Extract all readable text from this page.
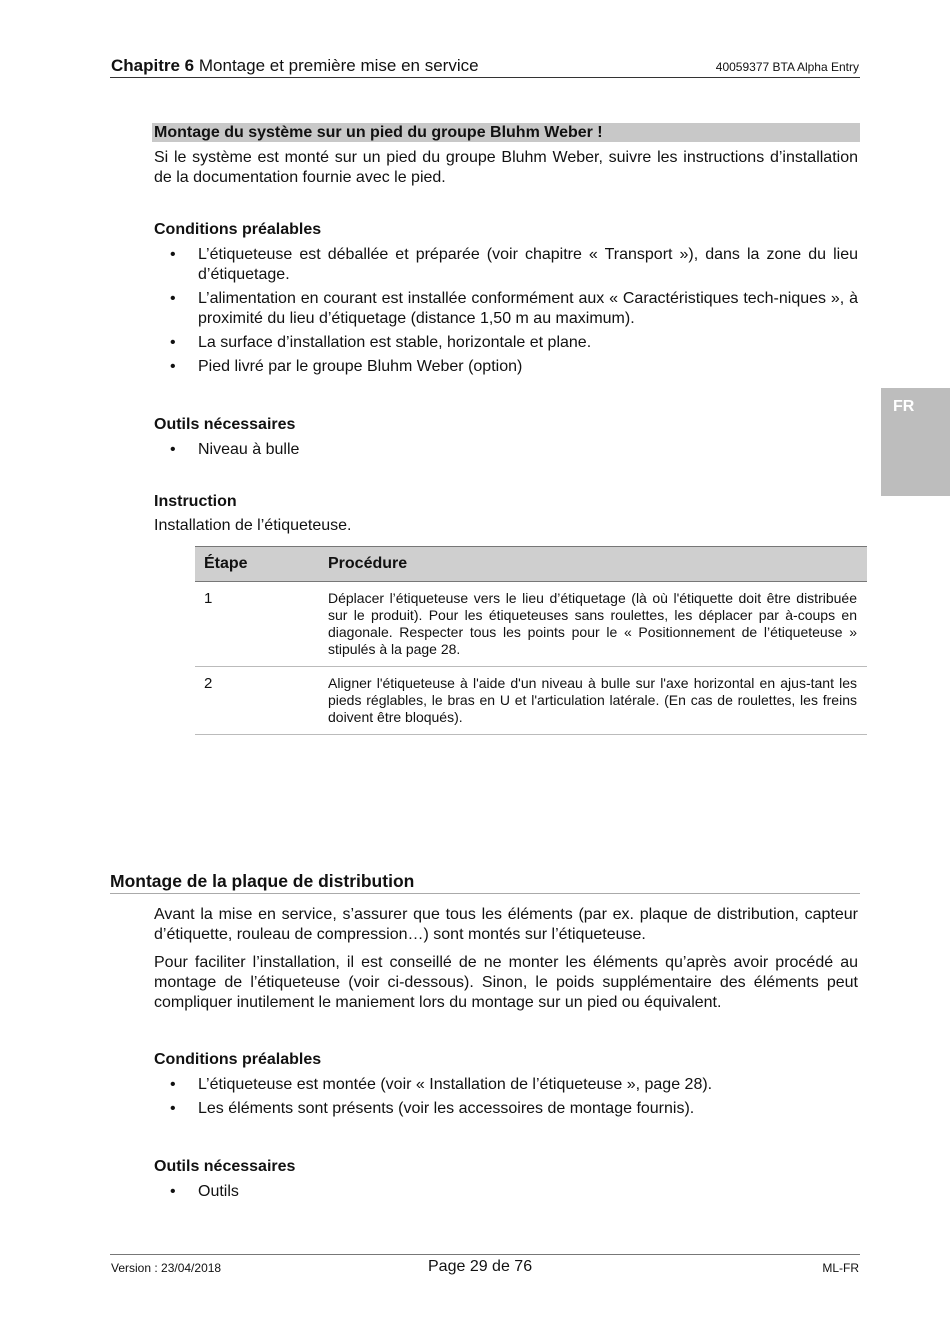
Chapitre 6 Montage et première mise en service	40059377 BTA Alpha Entry
FR
Montage du système sur un pied du groupe Bluhm Weber !
Si le système est monté sur un pied du groupe Bluhm Weber, suivre les instructions d’installation de la documentation fournie avec le pied.
Conditions préalables
• L’étiqueteuse est déballée et préparée (voir chapitre « Transport »), dans la zone du lieu d’étiquetage.
• L’alimentation en courant est installée conformément aux « Caractéristiques tech-niques », à proximité du lieu d’étiquetage (distance 1,50 m au maximum).
• La surface d’installation est stable, horizontale et plane.
• Pied livré par le groupe Bluhm Weber (option)
Outils nécessaires
• Niveau à bulle
Instruction
Installation de l’étiqueteuse.
Étape	Procédure
1	Déplacer l’étiqueteuse vers le lieu d’étiquetage (là où l'étiquette doit être distribuée sur le produit). Pour les étiqueteuses sans roulettes, les déplacer par à-coups en diagonale. Respecter tous les points pour le « Positionnement de l’étiqueteuse » stipulés à la page 28.
2	Aligner l'étiqueteuse à l'aide d'un niveau à bulle sur l'axe horizontal en ajus-tant les pieds réglables, le bras en U et l'articulation latérale. (En cas de roulettes, les freins doivent être bloqués).
Montage de la plaque de distribution
Avant la mise en service, s’assurer que tous les éléments (par ex. plaque de distribution, capteur d’étiquette, rouleau de compression…) sont montés sur l’étiqueteuse.
Pour faciliter l’installation, il est conseillé de ne monter les éléments qu’après avoir procédé au montage de l’étiqueteuse (voir ci-dessous). Sinon, le poids supplémentaire des éléments peut compliquer inutilement le maniement lors du montage sur un pied ou équivalent.
Conditions préalables
• L’étiqueteuse est montée (voir « Installation de l’étiqueteuse », page 28).
• Les éléments sont présents (voir les accessoires de montage fournis).
Outils nécessaires
• Outils
Version : 23/04/2018	Page 29 de 76	ML-FR
